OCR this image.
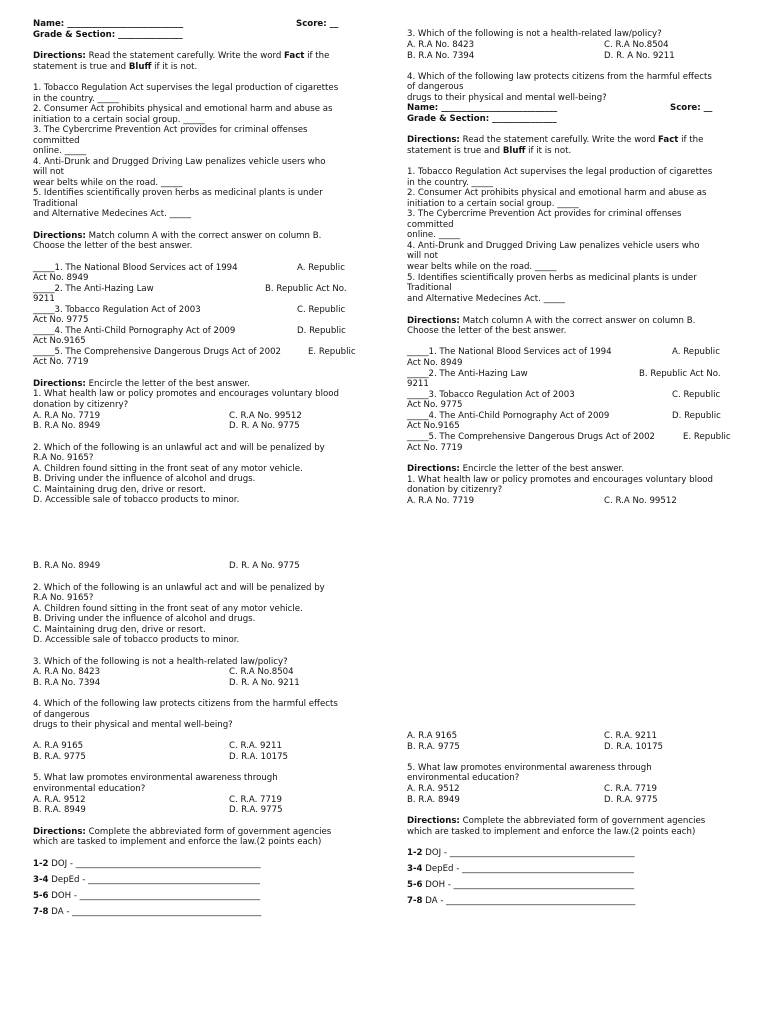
Name: ___________________________	Score: __
Grade & Section: _______________
Directions: Read the statement carefully. Write the word Fact if the
statement is true and Bluff if it is not.
1. Tobacco Regulation Act supervises the legal production of cigarettes
in the country. _____
2. Consumer Act prohibits physical and emotional harm and abuse as
initiation to a certain social group. _____
3. The Cybercrime Prevention Act provides for criminal offenses
committed
online. _____
4. Anti-Drunk and Drugged Driving Law penalizes vehicle users who
will not
wear belts while on the road. _____
5. Identifies scientifically proven herbs as medicinal plants is under
Traditional
and Alternative Medecines Act. _____
Directions: Match column A with the correct answer on column B.
Choose the letter of the best answer.
_____1. The National Blood Services act of 1994	A. Republic
Act No. 8949
_____2. The Anti-Hazing Law	B. Republic Act No.
9211
_____3. Tobacco Regulation Act of 2003	C. Republic
Act No. 9775
_____4. The Anti-Child Pornography Act of 2009	D. Republic
Act No.9165
_____5. The Comprehensive Dangerous Drugs Act of 2002	E. Republic
Act No. 7719
Directions: Encircle the letter of the best answer.
1. What health law or policy promotes and encourages voluntary blood
donation by citizenry?
A. R.A No. 7719	C. R.A No. 99512
B. R.A No. 8949	D. R. A No. 9775
2. Which of the following is an unlawful act and will be penalized by
R.A No. 9165?
A. Children found sitting in the front seat of any motor vehicle.
B. Driving under the influence of alcohol and drugs.
C. Maintaining drug den, drive or resort.
D. Accessible sale of tobacco products to minor.
B. R.A No. 8949	D. R. A No. 9775
2. Which of the following is an unlawful act and will be penalized by
R.A No. 9165?
A. Children found sitting in the front seat of any motor vehicle.
B. Driving under the influence of alcohol and drugs.
C. Maintaining drug den, drive or resort.
D. Accessible sale of tobacco products to minor.
3. Which of the following is not a health-related law/policy?
A. R.A No. 8423	C. R.A No.8504
B. R.A No. 7394	D. R. A No. 9211
4. Which of the following law protects citizens from the harmful effects
of dangerous
drugs to their physical and mental well-being?
A. R.A 9165	C. R.A. 9211
B. R.A. 9775	D. R.A. 10175
5. What law promotes environmental awareness through
environmental education?
A. R.A. 9512	C. R.A. 7719
B. R.A. 8949	D. R.A. 9775
Directions: Complete the abbreviated form of government agencies
which are tasked to implement and enforce the law.(2 points each)
1-2 DOJ - ___________________________________________
3-4 DepEd - ________________________________________
5-6 DOH - __________________________________________
7-8 DA - ____________________________________________
3. Which of the following is not a health-related law/policy?
A. R.A No. 8423	C. R.A No.8504
B. R.A No. 7394	D. R. A No. 9211
4. Which of the following law protects citizens from the harmful effects
of dangerous
drugs to their physical and mental well-being?
Name: ___________________________	Score: __
Grade & Section: _______________
Directions: Read the statement carefully. Write the word Fact if the
statement is true and Bluff if it is not.
1. Tobacco Regulation Act supervises the legal production of cigarettes
in the country. _____
2. Consumer Act prohibits physical and emotional harm and abuse as
initiation to a certain social group. _____
3. The Cybercrime Prevention Act provides for criminal offenses
committed
online. _____
4. Anti-Drunk and Drugged Driving Law penalizes vehicle users who
will not
wear belts while on the road. _____
5. Identifies scientifically proven herbs as medicinal plants is under
Traditional
and Alternative Medecines Act. _____
Directions: Match column A with the correct answer on column B.
Choose the letter of the best answer.
_____1. The National Blood Services act of 1994	A. Republic
Act No. 8949
_____2. The Anti-Hazing Law	B. Republic Act No.
9211
_____3. Tobacco Regulation Act of 2003	C. Republic
Act No. 9775
_____4. The Anti-Child Pornography Act of 2009	D. Republic
Act No.9165
_____5. The Comprehensive Dangerous Drugs Act of 2002	E. Republic
Act No. 7719
Directions: Encircle the letter of the best answer.
1. What health law or policy promotes and encourages voluntary blood
donation by citizenry?
A. R.A No. 7719	C. R.A No. 99512
A. R.A 9165	C. R.A. 9211
B. R.A. 9775	D. R.A. 10175
5. What law promotes environmental awareness through
environmental education?
A. R.A. 9512	C. R.A. 7719
B. R.A. 8949	D. R.A. 9775
Directions: Complete the abbreviated form of government agencies
which are tasked to implement and enforce the law.(2 points each)
1-2 DOJ - ___________________________________________
3-4 DepEd - ________________________________________
5-6 DOH - __________________________________________
7-8 DA - ____________________________________________
